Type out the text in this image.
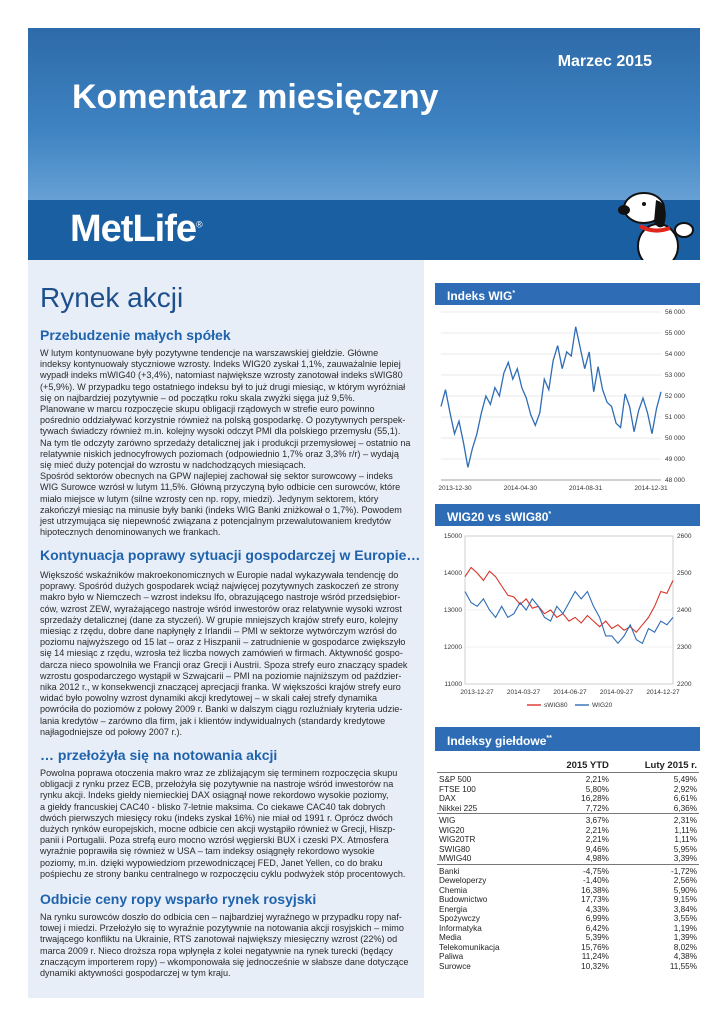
Marzec 2015
Komentarz miesięczny
MetLife®
Rynek akcji
Przebudzenie małych spółek
W lutym kontynuowane były pozytywne tendencje na warszawskiej giełdzie. Główne
indeksy kontynuowały styczniowe wzrosty. Indeks WIG20 zyskał 1,1%, zauważalnie lepiej
wypadł indeks mWIG40 (+3,4%), natomiast największe wzrosty zanotował indeks sWIG80
(+5,9%). W przypadku tego ostatniego indeksu był to już drugi miesiąc, w którym wyróżniał
się on najbardziej pozytywnie – od początku roku skala zwyżki sięga już 9,5%.
Planowane w marcu rozpoczęcie skupu obligacji rządowych w strefie euro powinno
pośrednio oddziaływać korzystnie również na polską gospodarkę. O pozytywnych perspek-
tywach świadczy również m.in. kolejny wysoki odczyt PMI dla polskiego przemysłu (55,1).
Na tym tle odczyty zarówno sprzedaży detalicznej jak i produkcji przemysłowej – ostatnio na
relatywnie niskich jednocyfrowych poziomach (odpowiednio 1,7% oraz 3,3% r/r) – wydają
się mieć duży potencjał do wzrostu w nadchodzących miesiącach.
Spośród sektorów obecnych na GPW najlepiej zachował się sektor surowcowy – indeks
WIG Surowce wzrósł w lutym 11,5%. Główną przyczyną było odbicie cen surowców, które
miało miejsce w lutym (silne wzrosty cen np. ropy, miedzi). Jedynym sektorem, który
zakończył miesiąc na minusie były banki (indeks WIG Banki zniżkował o 1,7%). Powodem
jest utrzymująca się niepewność związana z potencjalnym przewalutowaniem kredytów
hipotecznych denominowanych we frankach.
Kontynuacja poprawy sytuacji gospodarczej w Europie…
Większość wskaźników makroekonomicznych w Europie nadal wykazywała tendencję do
poprawy. Spośród dużych gospodarek wciąż najwięcej pozytywnych zaskoczeń ze strony
makro było w Niemczech – wzrost indeksu Ifo, obrazującego nastroje wśród przedsiębior-
ców, wzrost ZEW, wyrażającego nastroje wśród inwestorów oraz relatywnie wysoki wzrost
sprzedaży detalicznej (dane za styczeń). W grupie mniejszych krajów strefy euro, kolejny
miesiąc z rzędu, dobre dane napłynęły z Irlandii – PMI w sektorze wytwórczym wzrósł do
poziomu najwyższego od 15 lat – oraz z Hiszpanii – zatrudnienie w gospodarce zwiększyło
się 14 miesiąc z rzędu, wzrosła też liczba nowych zamówień w firmach. Aktywność gospo-
darcza nieco spowolniła we Francji oraz Grecji i Austrii. Spoza strefy euro znaczący spadek
wzrostu gospodarczego wystąpił w Szwajcarii – PMI na poziomie najniższym od paździer-
nika 2012 r., w konsekwencji znaczącej aprecjacji franka. W większości krajów strefy euro
widać było powolny wzrost dynamiki akcji kredytowej – w skali całej strefy dynamika
powróciła do poziomów z połowy 2009 r. Banki w dalszym ciągu rozluźniały kryteria udzie-
lania kredytów – zarówno dla firm, jak i klientów indywidualnych (standardy kredytowe
najłagodniejsze od połowy 2007 r.).
… przełożyła się na notowania akcji
Powolna poprawa otoczenia makro wraz ze zbliżającym się terminem rozpoczęcia skupu
obligacji z rynku przez ECB, przełożyła się pozytywnie na nastroje wśród inwestorów na
rynku akcji. Indeks giełdy niemieckiej DAX osiągnął nowe rekordowo wysokie poziomy,
a giełdy francuskiej CAC40 - blisko 7-letnie maksima. Co ciekawe CAC40 tak dobrych
dwóch pierwszych miesięcy roku (indeks zyskał 16%) nie miał od 1991 r. Oprócz dwóch
dużych rynków europejskich, mocne odbicie cen akcji wystąpiło również w Grecji, Hiszp-
panii i Portugalii. Poza strefą euro mocno wzrósł węgierski BUX i czeski PX. Atmosfera
wyraźnie poprawiła się również w USA – tam indeksy osiągnęły rekordowo wysokie
poziomy, m.in. dzięki wypowiedziom przewodniczącej FED, Janet Yellen, co do braku
pośpiechu ze strony banku centralnego w rozpoczęciu cyklu podwyżek stóp procentowych.
Odbicie ceny ropy wsparło rynek rosyjski
Na rynku surowców doszło do odbicia cen – najbardziej wyraźnego w przypadku ropy naf-
towej i miedzi. Przełożyło się to wyraźnie pozytywnie na notowania akcji rosyjskich – mimo
trwającego konfliktu na Ukrainie, RTS zanotował największy miesięczny wzrost (22%) od
marca 2009 r. Nieco droższa ropa wpłynęła z kolei negatywnie na rynek turecki (będący
znaczącym importerem ropy) – wkomponowała się jednocześnie w słabsze dane dotyczące
dynamiki aktywności gospodarczej w tym kraju.
Indeks WIG*
56 000
55 000
54 000
53 000
52 000
51 000
50 000
49 000
48 000
2013-12-30	2014-04-30	2014-08-31	2014-12-31
WIG20 vs sWIG80*
15000	2600
14000	2500
13000	2400
12000	2300
11000	2200
2013-12-27 2014-03-27 2014-06-27 2014-09-27 2014-12-27
sWIG80	WIG20
Indeksy giełdowe**
	2015 YTD	Luty 2015 r.
S&P 500	2,21%	5,49%
FTSE 100	5,80%	2,92%
DAX	16,28%	6,61%
Nikkei 225	7,72%	6,36%
WIG	3,67%	2,31%
WIG20	2,21%	1,11%
WIG20TR	2,21%	1,11%
SWIG80	9,46%	5,95%
MWIG40	4,98%	3,39%
Banki	-4,75%	-1,72%
Deweloperzy	-1,40%	2,56%
Chemia	16,38%	5,90%
Budownictwo	17,73%	9,15%
Energia	4,33%	3,84%
Spożywczy	6,99%	3,55%
Informatyka	6,42%	1,19%
Media	5,39%	1,39%
Telekomunikacja	15,76%	8,02%
Paliwa	11,24%	4,38%
Surowce	10,32%	11,55%
